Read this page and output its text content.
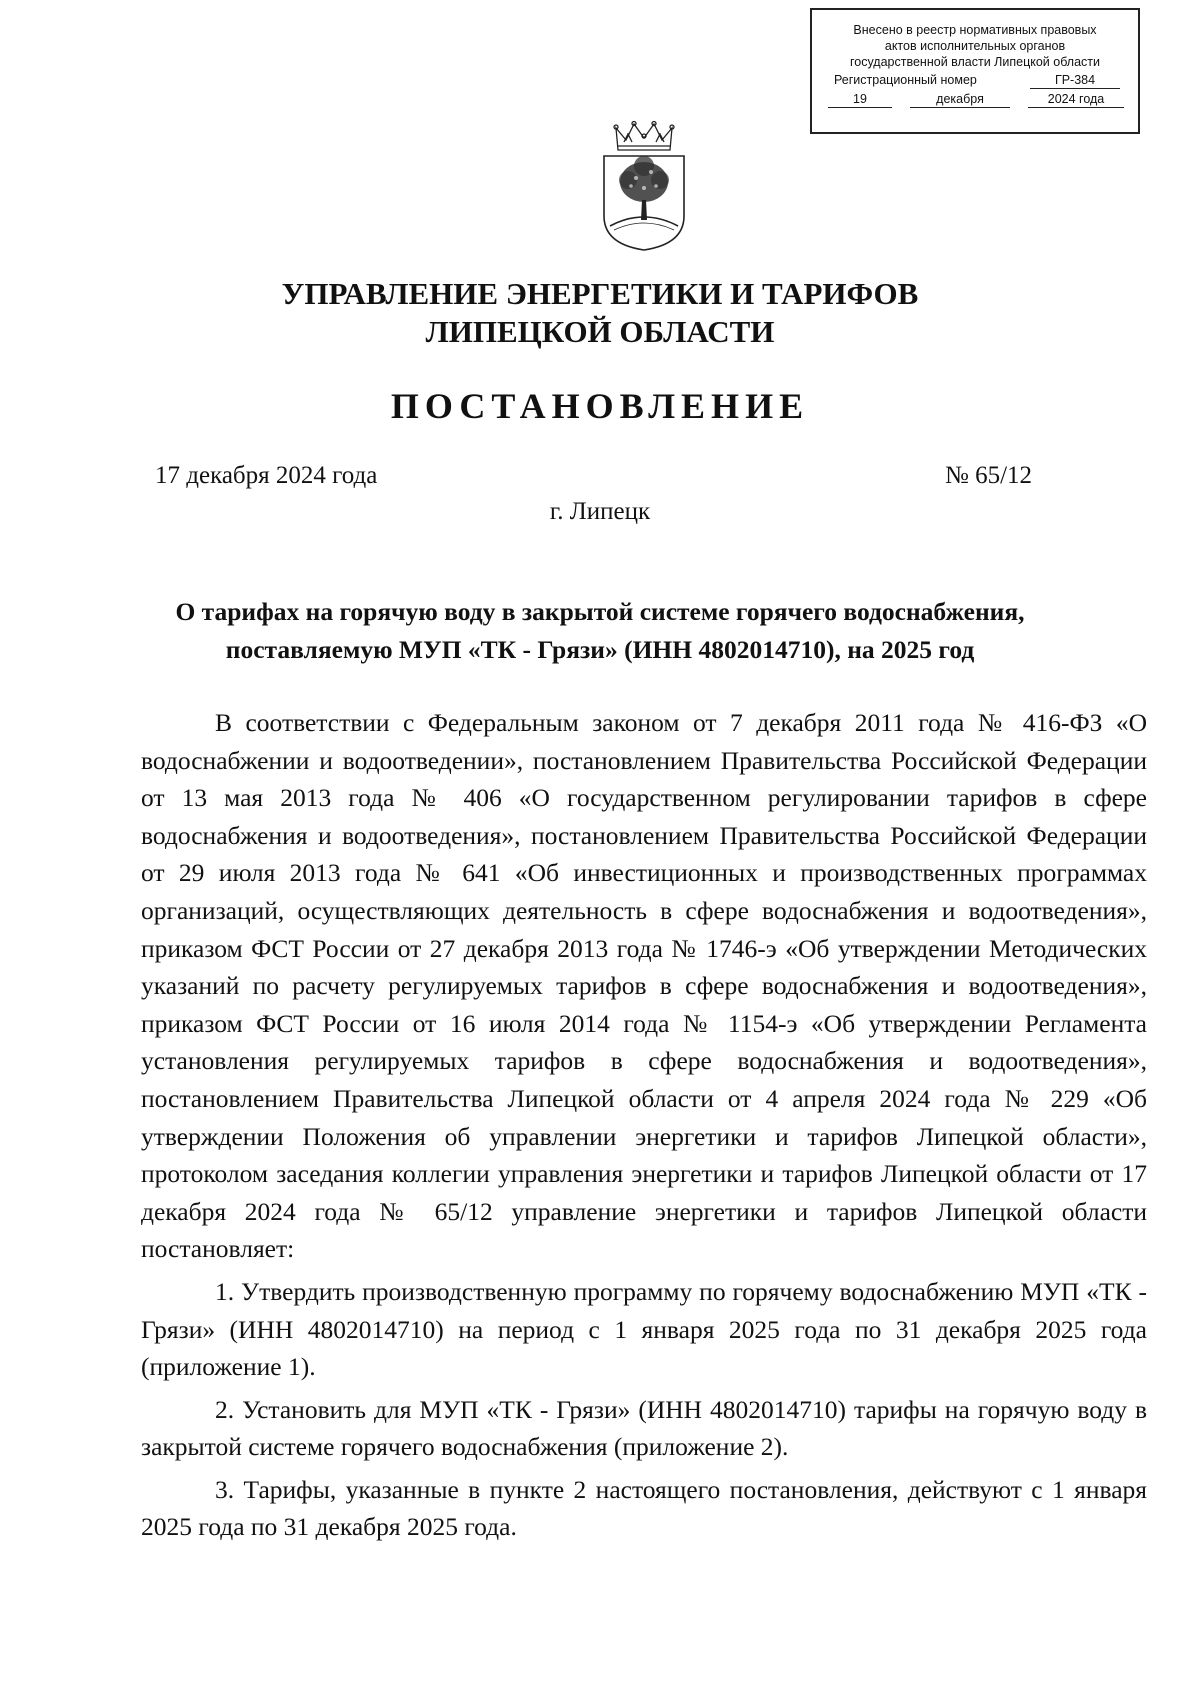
Внесено в реестр нормативных правовых
актов исполнительных органов
государственной власти Липецкой области
Регистрационный номер	ГР-384
19	декабря	2024 года
УПРАВЛЕНИЕ ЭНЕРГЕТИКИ И ТАРИФОВ
ЛИПЕЦКОЙ ОБЛАСТИ
ПОСТАНОВЛЕНИЕ
17 декабря 2024 года	№ 65/12
г. Липецк
О тарифах на горячую воду в закрытой системе горячего водоснабжения,
поставляемую МУП «ТК - Грязи» (ИНН 4802014710), на 2025 год

В соответствии с Федеральным законом от 7 декабря 2011 года № 416-ФЗ «О водоснабжении и водоотведении», постановлением Правительства Российской Федерации от 13 мая 2013 года № 406 «О государственном регулировании тарифов в сфере водоснабжения и водоотведения», постановлением Правительства Российской Федерации от 29 июля 2013 года № 641 «Об инвестиционных и производственных программах организаций, осуществляющих деятельность в сфере водоснабжения и водоотведения», приказом ФСТ России от 27 декабря 2013 года № 1746-э «Об утверждении Методических указаний по расчету регулируемых тарифов в сфере водоснабжения и водоотведения», приказом ФСТ России от 16 июля 2014 года № 1154-э «Об утверждении Регламента установления регулируемых тарифов в сфере водоснабжения и водоотведения», постановлением Правительства Липецкой области от 4 апреля 2024 года № 229 «Об утверждении Положения об управлении энергетики и тарифов Липецкой области», протоколом заседания коллегии управления энергетики и тарифов Липецкой области от 17 декабря 2024 года № 65/12 управление энергетики и тарифов Липецкой области постановляет:

1. Утвердить производственную программу по горячему водоснабжению МУП «ТК - Грязи» (ИНН 4802014710) на период с 1 января 2025 года по 31 декабря 2025 года (приложение 1).

2. Установить для МУП «ТК - Грязи» (ИНН 4802014710) тарифы на горячую воду в закрытой системе горячего водоснабжения (приложение 2).

3. Тарифы, указанные в пункте 2 настоящего постановления, действуют с 1 января 2025 года по 31 декабря 2025 года.
